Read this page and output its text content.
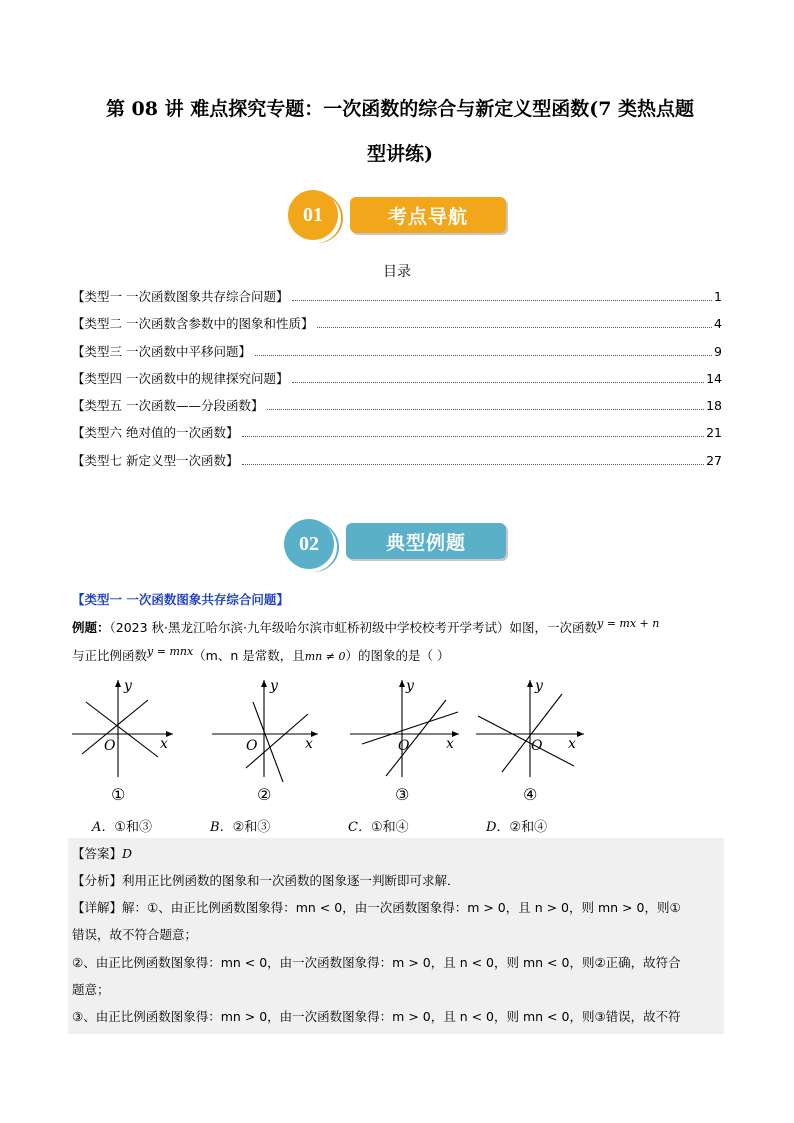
第 08 讲 难点探究专题：一次函数的综合与新定义型函数(7 类热点题
型讲练)
考点导航
01
目录
【类型一 一次函数图象共存综合问题】	1
【类型二 一次函数含参数中的图象和性质】	4
【类型三 一次函数中平移问题】	9
【类型四 一次函数中的规律探究问题】	14
【类型五 一次函数——分段函数】	18
【类型六 绝对值的一次函数】	21
【类型七 新定义型一次函数】	27
典型例题
02
【类型一 一次函数图象共存综合问题】
例题：（2023 秋·黑龙江哈尔滨·九年级哈尔滨市虹桥初级中学校校考开学考试）如图，一次函数$^{y = mx + n}$
与正比例函数$^{y = mnx}$（m、n 是常数，且mn ≠ 0）的图象的是（ ）
y
x
O
①
y
x
O
②
y
x
O
③
y
x
O
④
A．①和③	B．②和③	C．①和④	D．②和④
【答案】D
【分析】利用正比例函数的图象和一次函数的图象逐一判断即可求解．
【详解】解：①、由正比例函数图象得：mn < 0，由一次函数图象得：m > 0，且 n > 0，则 mn > 0，则①
错误，故不符合题意；
②、由正比例函数图象得：mn < 0，由一次函数图象得：m > 0，且 n < 0，则 mn < 0，则②正确，故符合
题意；
③、由正比例函数图象得：mn > 0，由一次函数图象得：m > 0，且 n < 0，则 mn < 0，则③错误，故不符
